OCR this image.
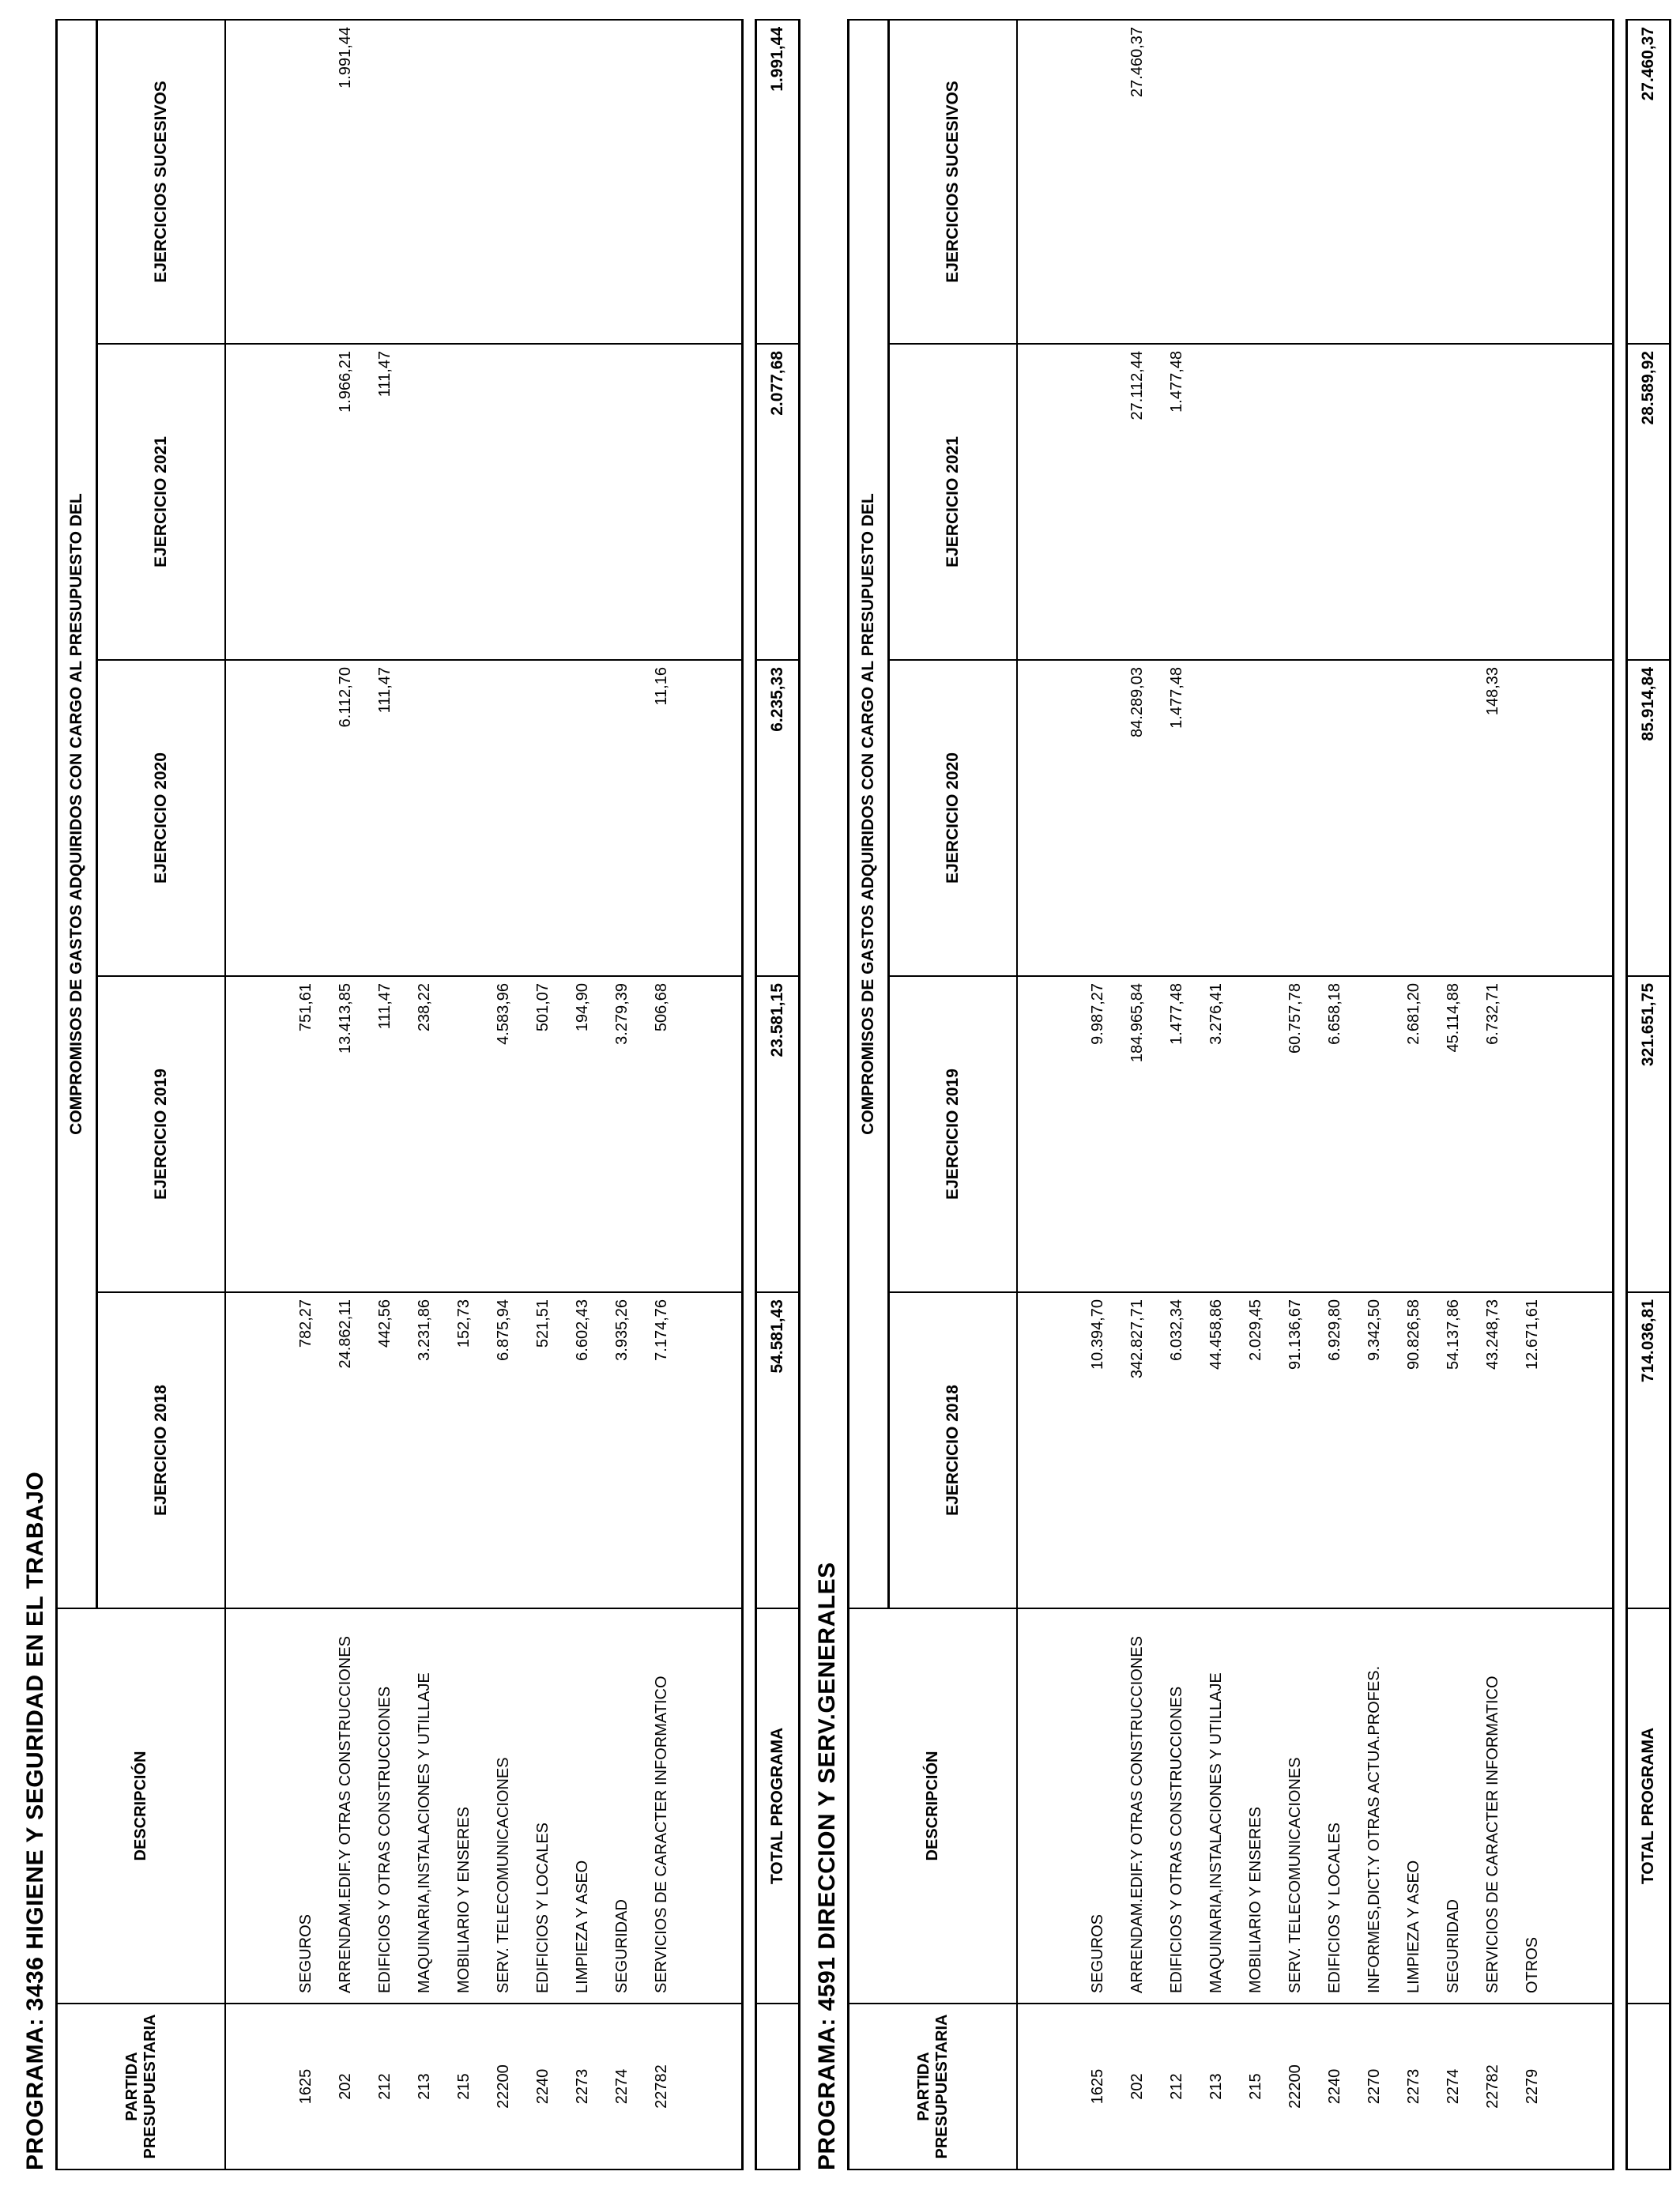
PROGRAMA: 3436 HIGIENE Y SEGURIDAD EN EL TRABAJO	PARTIDA PRESUPUESTARIA	DESCRIPCIÓN	COMPROMISOS DE GASTOS ADQUIRIDOS CON CARGO AL PRESUPUESTO DEL				
		EJERCICIO 2018	EJERCICIO 2019	EJERCICIO 2020	EJERCICIO 2021	EJERCICIOS SUCESIVOS

1625	SEGUROS	782,27	751,61			
202	ARRENDAM.EDIF.Y OTRAS CONSTRUCCIONES	24.862,11	13.413,85	6.112,70	1.966,21	1.991,44
212	EDIFICIOS Y OTRAS CONSTRUCCIONES	442,56	111,47	111,47	111,47	
213	MAQUINARIA,INSTALACIONES Y UTILLAJE	3.231,86	238,22			
215	MOBILIARIO Y ENSERES	152,73				
22200	SERV. TELECOMUNICACIONES	6.875,94	4.583,96			
2240	EDIFICIOS Y LOCALES	521,51	501,07			
2273	LIMPIEZA Y ASEO	6.602,43	194,90			
2274	SEGURIDAD	3.935,26	3.279,39			
22782	SERVICIOS DE CARACTER INFORMATICO	7.174,76	506,68	11,16		

	TOTAL PROGRAMA	54.581,43	23.581,15	6.235,33	2.077,68	1.991,44
PROGRAMA: 4591 DIRECCION Y SERV.GENERALES	PARTIDA PRESUPUESTARIA	DESCRIPCIÓN	COMPROMISOS DE GASTOS ADQUIRIDOS CON CARGO AL PRESUPUESTO DEL				
		EJERCICIO 2018	EJERCICIO 2019	EJERCICIO 2020	EJERCICIO 2021	EJERCICIOS SUCESIVOS

1625	SEGUROS	10.394,70	9.987,27			
202	ARRENDAM.EDIF.Y OTRAS CONSTRUCCIONES	342.827,71	184.965,84	84.289,03	27.112,44	27.460,37
212	EDIFICIOS Y OTRAS CONSTRUCCIONES	6.032,34	1.477,48	1.477,48	1.477,48	
213	MAQUINARIA,INSTALACIONES Y UTILLAJE	44.458,86	3.276,41			
215	MOBILIARIO Y ENSERES	2.029,45				
22200	SERV. TELECOMUNICACIONES	91.136,67	60.757,78			
2240	EDIFICIOS Y LOCALES	6.929,80	6.658,18			
2270	INFORMES,DICT.Y OTRAS ACTUA.PROFES.	9.342,50				
2273	LIMPIEZA Y ASEO	90.826,58	2.681,20			
2274	SEGURIDAD	54.137,86	45.114,88			
22782	SERVICIOS DE CARACTER INFORMATICO	43.248,73	6.732,71	148,33		
2279	OTROS	12.671,61				

	TOTAL PROGRAMA	714.036,81	321.651,75	85.914,84	28.589,92	27.460,37
